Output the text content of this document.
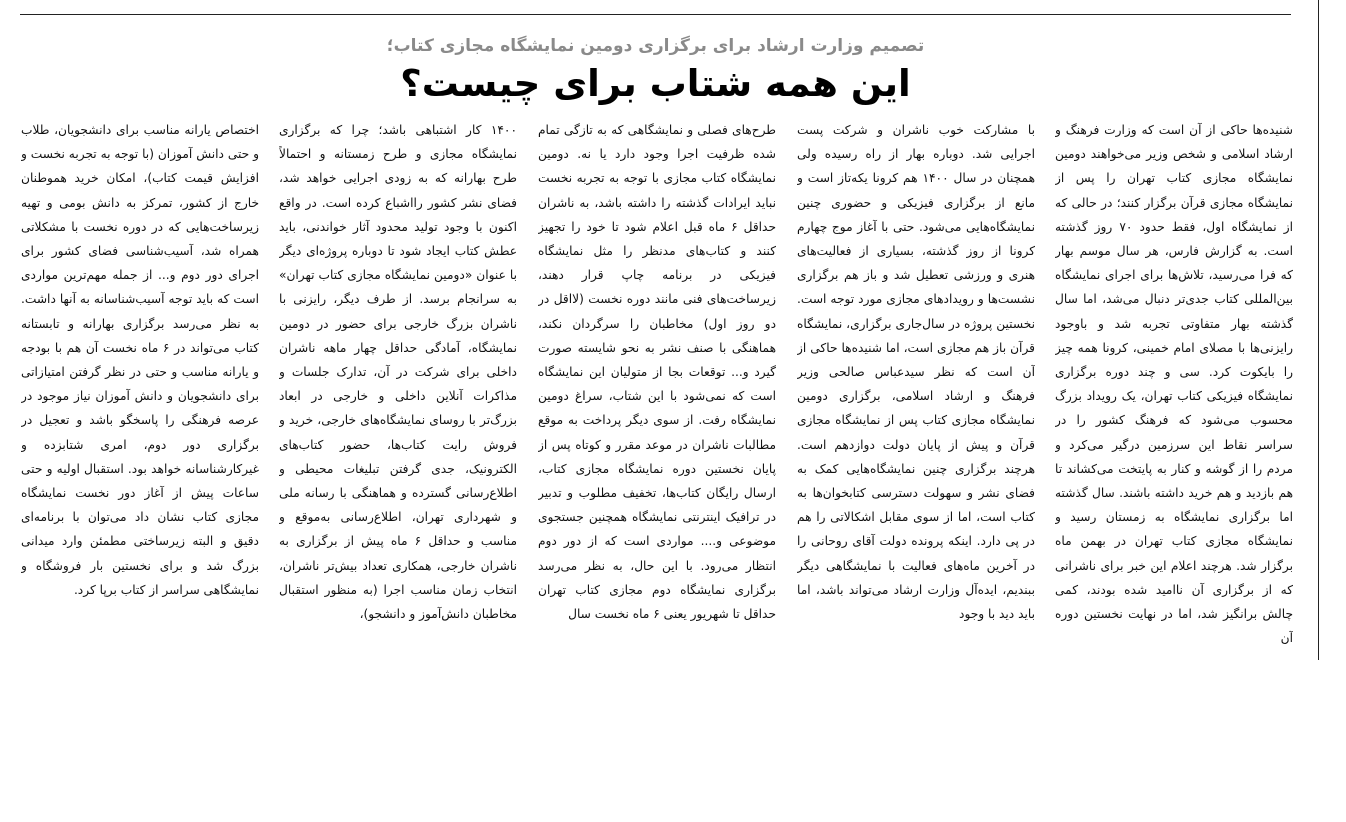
تصمیم وزارت ارشاد برای برگزاری دومین نمایشگاه مجازی کتاب؛
این همه شتاب برای چیست؟
شنیده‌ها حاکی از آن است که وزارت فرهنگ و ارشاد اسلامی و شخص وزیر می‌خواهند دومین نمایشگاه مجازی کتاب تهران را پس از نمایشگاه مجازی قرآن برگزار کنند؛ در حالی که از نمایشگاه اول، فقط حدود ۷۰ روز گذشته است. به گزارش فارس، هر سال موسم بهار که فرا می‌رسید، تلاش‌ها برای اجرای نمایشگاه بین‌المللی کتاب جدی‌تر دنبال می‌شد، اما سال گذشته بهار متفاوتی تجربه شد و باوجود رایزنی‌ها با مصلای امام خمینی، کرونا همه چیز را بایکوت کرد. سی و چند دوره برگزاری نمایشگاه فیزیکی کتاب تهران، یک رویداد بزرگ محسوب می‌شود که فرهنگ کشور را در سراسر نقاط این سرزمین درگیر می‌کرد و مردم را از گوشه و کنار به پایتخت می‌کشاند تا هم بازدید و هم خرید داشته باشند. سال گذشته اما برگزاری نمایشگاه به زمستان رسید و نمایشگاه مجازی کتاب تهران در بهمن ماه برگزار شد. هرچند اعلام این خبر برای ناشرانی که از برگزاری آن ناامید شده بودند، کمی چالش برانگیز شد، اما در نهایت نخستین دوره آن
با مشارکت خوب ناشران و شرکت پست اجرایی شد. دوباره بهار از راه رسیده ولی همچنان در سال ۱۴۰۰ هم کرونا یکه‌تاز است و مانع از برگزاری فیزیکی و حضوری چنین نمایشگاه‌هایی می‌شود. حتی با آغاز موج چهارم کرونا از روز گذشته، بسیاری از فعالیت‌های هنری و ورزشی تعطیل شد و باز هم برگزاری نشست‌ها و رویدادهای مجازی مورد توجه است. نخستین پروژه در سال‌جاری برگزاری، نمایشگاه قرآن باز هم مجازی است، اما شنیده‌ها حاکی از آن است که نظر سیدعباس صالحی وزیر فرهنگ و ارشاد اسلامی، برگزاری دومین نمایشگاه مجازی کتاب پس از نمایشگاه مجازی قرآن و پیش از پایان دولت دوازدهم است. هرچند برگزاری چنین نمایشگاه‌هایی کمک به فضای نشر و سهولت دسترسی کتابخوان‌ها به کتاب است، اما از سوی مقابل اشکالاتی را هم در پی دارد. اینکه پرونده دولت آقای روحانی را در آخرین ماه‌های فعالیت با نمایشگاهی دیگر ببندیم، ایده‌آل وزارت ارشاد می‌تواند باشد، اما باید دید با وجود
طرح‌های فصلی و نمایشگاهی که به تازگی تمام شده ظرفیت اجرا وجود دارد یا نه. دومین نمایشگاه کتاب مجازی با توجه به تجربه نخست نباید ایرادات گذشته را داشته باشد، به ناشران حداقل ۶ ماه قبل اعلام شود تا خود را تجهیز کنند و کتاب‌های مدنظر را مثل نمایشگاه فیزیکی در برنامه چاپ قرار دهند، زیرساخت‌های فنی مانند دوره نخست (لااقل در دو روز اول) مخاطبان را سرگردان نکند، هماهنگی با صنف نشر به نحو شایسته صورت گیرد و... توقعات بجا از متولیان این نمایشگاه است که نمی‌شود با این شتاب، سراغ دومین نمایشگاه رفت. از سوی دیگر پرداخت به موقع مطالبات ناشران در موعد مقرر و کوتاه پس از پایان نخستین دوره نمایشگاه مجازی کتاب، ارسال رایگان کتاب‌ها، تخفیف مطلوب و تدبیر در ترافیک اینترنتی نمایشگاه همچنین جستجوی موضوعی و.... مواردی است که از دور دوم انتظار می‌رود. با این حال، به نظر می‌رسد برگزاری نمایشگاه دوم مجازی کتاب تهران حداقل تا شهریور یعنی ۶ ماه نخست سال
۱۴۰۰ کار اشتباهی باشد؛ چرا که برگزاری نمایشگاه مجازی و طرح زمستانه و احتمالاً طرح بهارانه که به زودی اجرایی خواهد شد، فضای نشر کشور رااشباع کرده است. در واقع اکنون با وجود تولید محدود آثار خواندنی، باید عطش کتاب ایجاد شود تا دوباره پروژه‌ای دیگر با عنوان «دومین نمایشگاه مجازی کتاب تهران» به سرانجام برسد. از طرف دیگر، رایزنی با ناشران بزرگ خارجی برای حضور در دومین نمایشگاه، آمادگی حداقل چهار ماهه ناشران داخلی برای شرکت در آن، تدارک جلسات و مذاکرات آنلاین داخلی و خارجی در ابعاد بزرگ‌تر با روسای نمایشگاه‌های خارجی، خرید و فروش رایت کتاب‌ها، حضور کتاب‌های الکترونیک، جدی گرفتن تبلیغات محیطی و اطلاع‌رسانی گسترده و هماهنگی با رسانه ملی و شهرداری تهران، اطلاع‌رسانی به‌موقع و مناسب و حداقل ۶ ماه پیش از برگزاری به ناشران خارجی، همکاری تعداد بیش‌تر ناشران، انتخاب زمان مناسب اجرا (به منظور استقبال مخاطبان دانش‌آموز و دانشجو)،
اختصاص یارانه مناسب برای دانشجویان، طلاب و حتی دانش آموزان (با توجه به تجربه نخست و افزایش قیمت کتاب)، امکان خرید هموطنان خارج از کشور، تمرکز به دانش بومی و تهیه زیرساخت‌هایی که در دوره نخست با مشکلاتی همراه شد، آسیب‌شناسی فضای کشور برای اجرای دور دوم و... از جمله مهم‌ترین مواردی است که باید توجه آسیب‌شناسانه به آنها داشت. به نظر می‌رسد برگزاری بهارانه و تابستانه کتاب می‌تواند در ۶ ماه نخست آن هم با بودجه و یارانه مناسب و حتی در نظر گرفتن امتیازاتی برای دانشجویان و دانش آموزان نیاز موجود در عرصه فرهنگی را پاسخگو باشد و تعجیل در برگزاری دور دوم، امری شتابزده و غیرکارشناسانه خواهد بود. استقبال اولیه و حتی ساعات پیش از آغاز دور نخست نمایشگاه مجازی کتاب نشان داد می‌توان با برنامه‌ای دقیق و البته زیرساختی مطمئن وارد میدانی بزرگ شد و برای نخستین بار فروشگاه و نمایشگاهی سراسر از کتاب برپا کرد.
